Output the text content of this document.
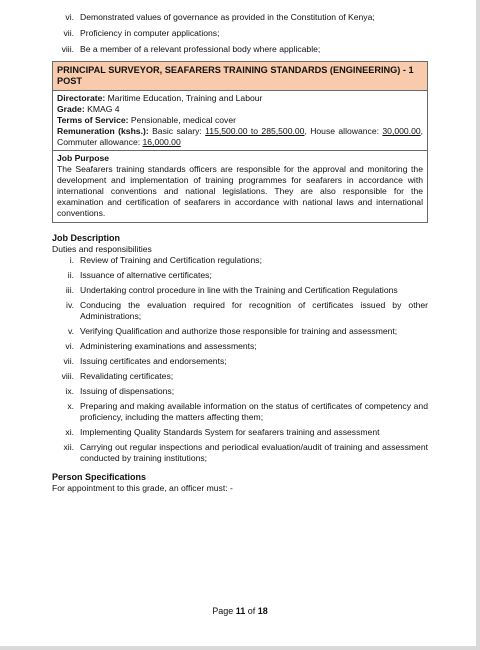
vi. Demonstrated values of governance as provided in the Constitution of Kenya;
vii. Proficiency in computer applications;
viii. Be a member of a relevant professional body where applicable;
PRINCIPAL SURVEYOR, SEAFARERS TRAINING STANDARDS (ENGINEERING) - 1 POST
Directorate: Maritime Education, Training and Labour
Grade: KMAG 4
Terms of Service: Pensionable, medical cover
Remuneration (kshs.): Basic salary: 115,500.00 to 285,500.00, House allowance: 30,000.00, Commuter allowance: 16,000.00
Job Purpose
The Seafarers training standards officers are responsible for the approval and monitoring the development and implementation of training programmes for seafarers in accordance with international conventions and national legislations. They are also responsible for the examination and certification of seafarers in accordance with national laws and international conventions.
Job Description
Duties and responsibilities
i. Review of Training and Certification regulations;
ii. Issuance of alternative certificates;
iii. Undertaking control procedure in line with the Training and Certification Regulations
iv. Conducing the evaluation required for recognition of certificates issued by other Administrations;
v. Verifying Qualification and authorize those responsible for training and assessment;
vi. Administering examinations and assessments;
vii. Issuing certificates and endorsements;
viii. Revalidating certificates;
ix. Issuing of dispensations;
x. Preparing and making available information on the status of certificates of competency and proficiency, including the matters affecting them;
xi. Implementing Quality Standards System for seafarers training and assessment
xii. Carrying out regular inspections and periodical evaluation/audit of training and assessment conducted by training institutions;
Person Specifications
For appointment to this grade, an officer must: -
Page 11 of 18
